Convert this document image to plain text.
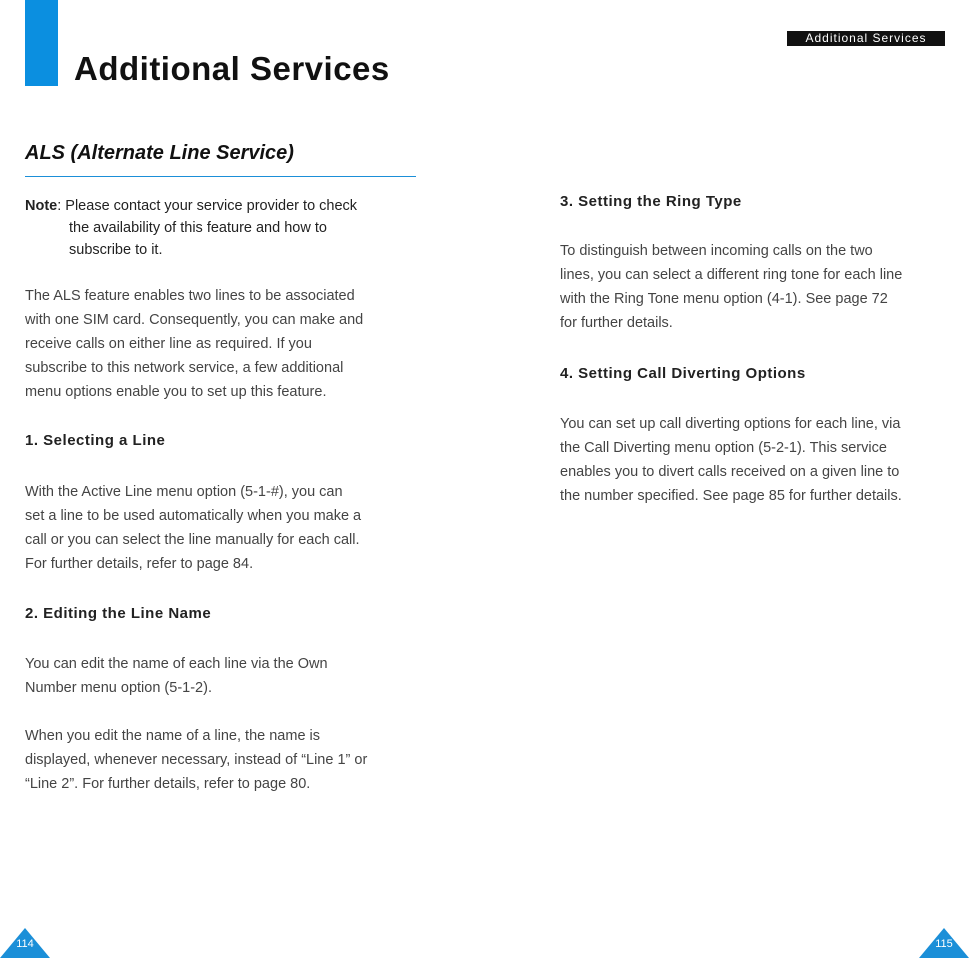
Additional Services
Additional Services
ALS (Alternate Line Service)
Note: Please contact your service provider to check
the availability of this feature and how to
subscribe to it.
The ALS feature enables two lines to be associated
with one SIM card. Consequently, you can make and
receive calls on either line as required. If you
subscribe to this network service, a few additional
menu options enable you to set up this feature.
1. Selecting a Line
With the Active Line menu option (5-1-#), you can
set a line to be used automatically when you make a
call or you can select the line manually for each call.
For further details, refer to page 84.
2. Editing the Line Name
You can edit the name of each line via the Own
Number menu option (5-1-2).
When you edit the name of a line, the name is
displayed, whenever necessary, instead of “Line 1” or
“Line 2”. For further details, refer to page 80.
3. Setting the Ring Type
To distinguish between incoming calls on the two
lines, you can select a different ring tone for each line
with the Ring Tone menu option (4-1). See page 72
for further details.
4. Setting Call Diverting Options
You can set up call diverting options for each line, via
the Call Diverting menu option (5-2-1). This service
enables you to divert calls received on a given line to
the number specified. See page 85 for further details.
114	115
